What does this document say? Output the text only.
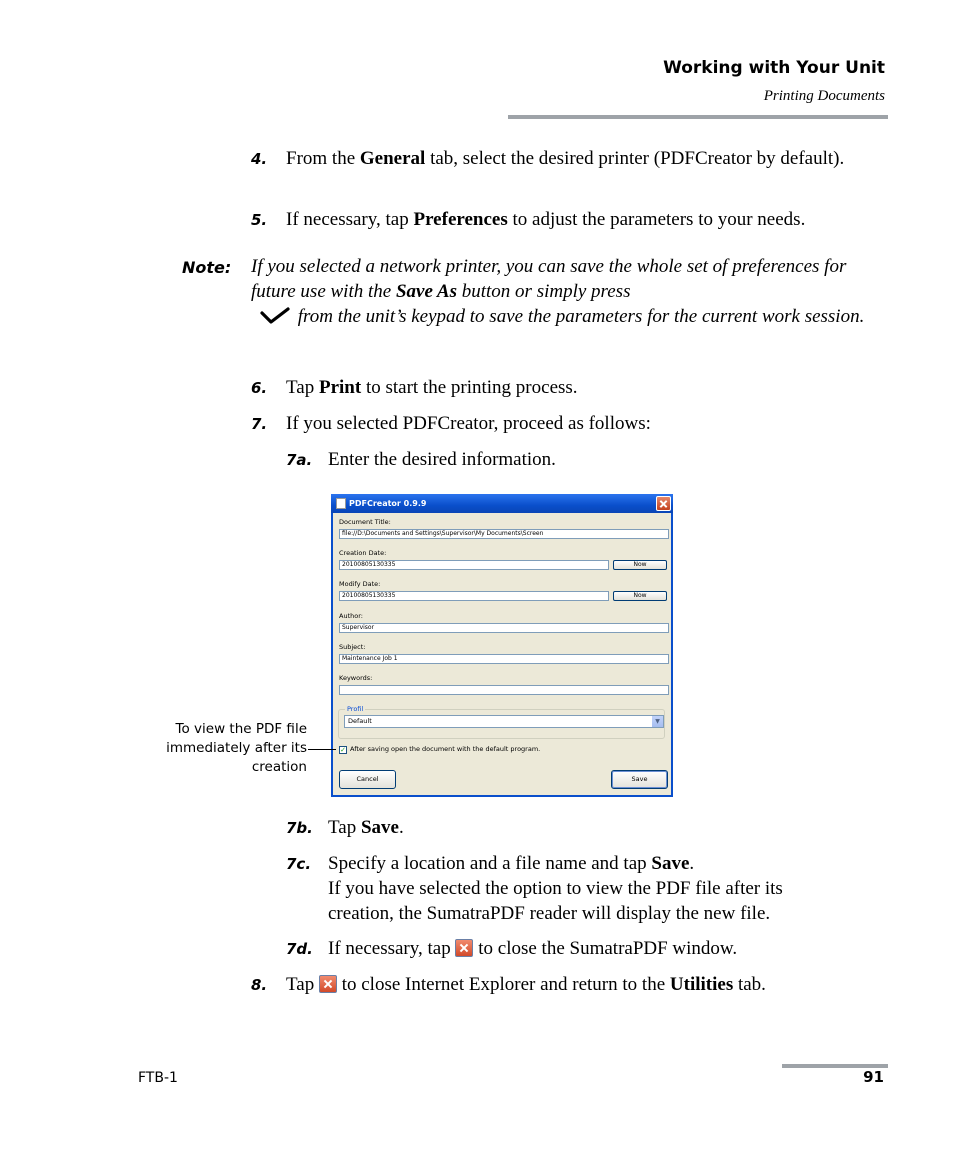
Working with Your Unit
Printing Documents
4. From the General tab, select the desired printer (PDFCreator by default).
5. If necessary, tap Preferences to adjust the parameters to your needs.
Note: If you selected a network printer, you can save the whole set of preferences for future use with the Save As button or simply press
from the unit’s keypad to save the parameters for the current work session.
6. Tap Print to start the printing process.
7. If you selected PDFCreator, proceed as follows:
7a. Enter the desired information.
PDFCreator 0.9.9
Document Title:
file://D:\Documents and Settings\Supervisor\My Documents\Screen
Creation Date:
20100805130335	Now
Modify Date:
20100805130335	Now
Author:
Supervisor
Subject:
Maintenance Job 1
Keywords:
Profil
Default	▼
✓ After saving open the document with the default program.
Cancel	Save
To view the PDF file
immediately after its
creation
7b. Tap Save.
7c. Specify a location and a file name and tap Save.
If you have selected the option to view the PDF file after its creation, the SumatraPDF reader will display the new file.
7d. If necessary, tap  to close the SumatraPDF window.
8. Tap  to close Internet Explorer and return to the Utilities tab.
FTB-1	91
